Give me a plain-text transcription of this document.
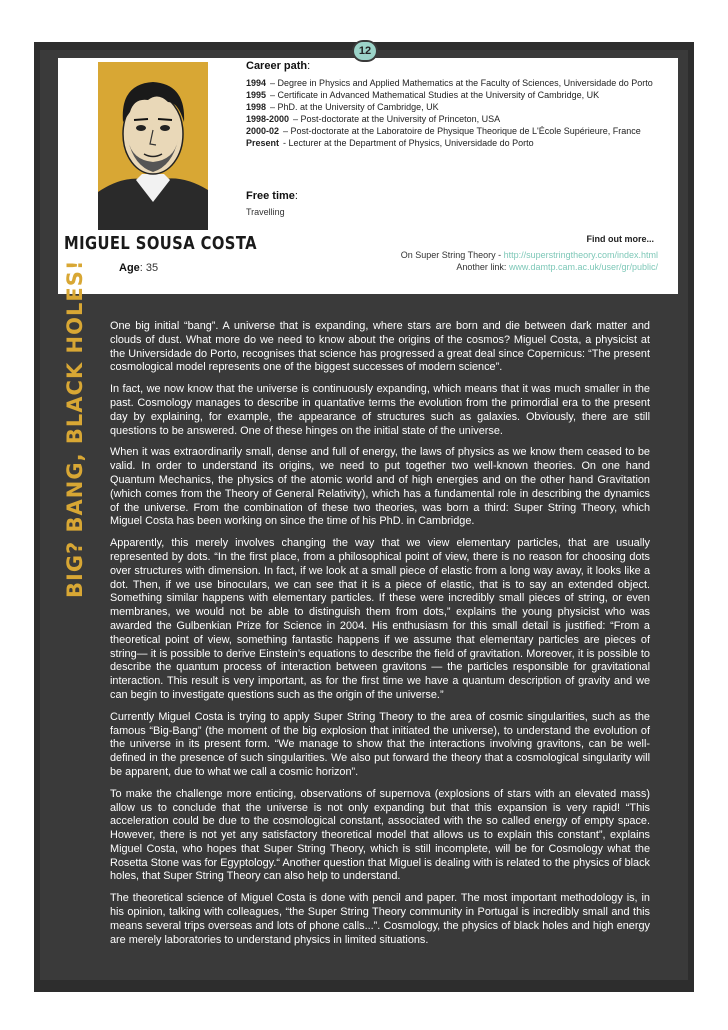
12
MIGUEL SOUSA COSTA
Age: 35
Career path:
1994 – Degree in Physics and Applied Mathematics at the Faculty of Sciences, Universidade do Porto
1995 – Certificate in Advanced Mathematical Studies at the University of Cambridge, UK
1998 – PhD. at the University of Cambridge, UK
1998-2000 – Post-doctorate at the University of Princeton, USA
2000-02 – Post-doctorate at the Laboratoire de Physique Theorique de L'École Supérieure, France
Present - Lecturer at the Department of Physics, Universidade do Porto
Free time:
Travelling
Find out more...
On Super String Theory - http://superstringtheory.com/index.html
Another link: www.damtp.cam.ac.uk/user/gr/public/
BIG? BANG, BLACK HOLES! One big initial “bang”. A universe that is expanding, where stars are born and die between dark matter and clouds of dust. What more do we need to know about the origins of the cosmos? Miguel Costa, a physicist at the Universidade do Porto, recognises that science has progressed a great deal since Copernicus: “The present cosmological model represents one of the biggest successes of modern science”.

In fact, we now know that the universe is continuously expanding, which means that it was much smaller in the past. Cosmology manages to describe in quantative terms the evolution from the primordial era to the present day by explaining, for example, the appearance of structures such as galaxies. Obviously, there are still questions to be answered. One of these hinges on the initial state of the universe.

When it was extraordinarily small, dense and full of energy, the laws of physics as we know them ceased to be valid. In order to understand its origins, we need to put together two well-known theories. On one hand Quantum Mechanics, the physics of the atomic world and of high energies and on the other hand Gravitation (which comes from the Theory of General Relativity), which has a fundamental role in describing the dynamics of the universe. From the combination of these two theories, was born a third: Super String Theory, which Miguel Costa has been working on since the time of his PhD. in Cambridge.

Apparently, this merely involves changing the way that we view elementary particles, that are usually represented by dots. “In the first place, from a philosophical point of view, there is no reason for choosing dots over structures with dimension. In fact, if we look at a small piece of elastic from a long way away, it looks like a dot. Then, if we use binoculars, we can see that it is a piece of elastic, that is to say an extended object. Something similar happens with elementary particles. If these were incredibly small pieces of string, or even membranes, we would not be able to distinguish them from dots,” explains the young physicist who was awarded the Gulbenkian Prize for Science in 2004. His enthusiasm for this small detail is justified: “From a theoretical point of view, something fantastic happens if we assume that elementary particles are pieces of string— it is possible to derive Einstein’s equations to describe the field of gravitation. Moreover, it is possible to describe the quantum process of interaction between gravitons — the particles responsible for gravitational interaction. This result is very important, as for the first time we have a quantum description of gravity and we can begin to investigate questions such as the origin of the universe.”

Currently Miguel Costa is trying to apply Super String Theory to the area of cosmic singularities, such as the famous “Big-Bang” (the moment of the big explosion that initiated the universe), to understand the evolution of the universe in its present form. “We manage to show that the interactions involving gravitons, can be well-defined in the presence of such singularities. We also put forward the theory that a cosmological singularity will be apparent, due to what we call a cosmic horizon”.

To make the challenge more enticing, observations of supernova (explosions of stars with an elevated mass) allow us to conclude that the universe is not only expanding but that this expansion is very rapid! “This acceleration could be due to the cosmological constant, associated with the so called energy of empty space. However, there is not yet any satisfactory theoretical model that allows us to explain this constant”, explains Miguel Costa, who hopes that Super String Theory, which is still incomplete, will be for Cosmology what the Rosetta Stone was for Egyptology.“ Another question that Miguel is dealing with is related to the physics of black holes, that Super String Theory can also help to understand.

The theoretical science of Miguel Costa is done with pencil and paper. The most important methodology is, in his opinion, talking with colleagues, “the Super String Theory community in Portugal is incredibly small and this means several trips overseas and lots of phone calls...”. Cosmology, the physics of black holes and high energy are merely laboratories to understand physics in limited situations.
